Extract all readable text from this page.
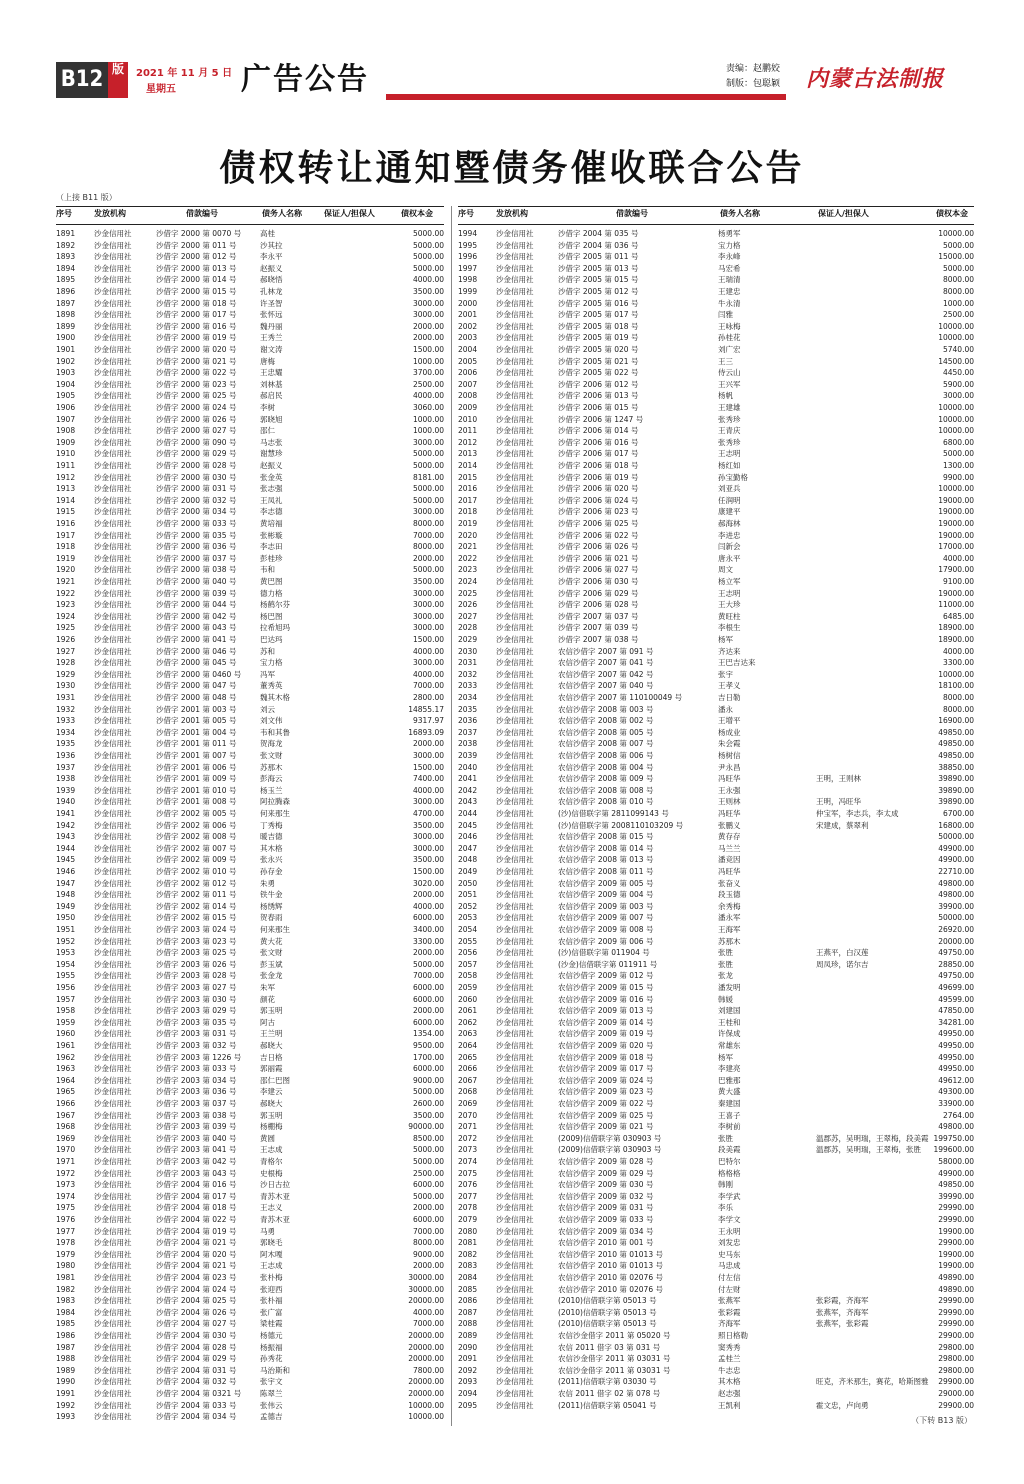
B12 版	2021 年 11 月 5 日
星期五	广告公告	责编：赵鹏姣
制版：包聪颖 内蒙古法制报
债权转让通知暨债务催收联合公告
（上接 B11 版）
（下转 B13 版）
序号	发放机构	借款编号	债务人名称	保证人/担保人	债权本金
1891	沙金信用社	沙借字 2000 第 0070 号	高桂	5000.00
1892	沙金信用社	沙借字 2000 第 011 号	沙其拉	5000.00
1893	沙金信用社	沙借字 2000 第 012 号	李永平	5000.00
1894	沙金信用社	沙借字 2000 第 013 号	赵振义	5000.00
1895	沙金信用社	沙借字 2000 第 014 号	郝晓悟	4000.00
1896	沙金信用社	沙借字 2000 第 015 号	孔林龙	3500.00
1897	沙金信用社	沙借字 2000 第 018 号	许圣智	3000.00
1898	沙金信用社	沙借字 2000 第 017 号	张怀远	3000.00
1899	沙金信用社	沙借字 2000 第 016 号	魏丹丽	2000.00
1900	沙金信用社	沙借字 2000 第 019 号	王秀兰	2000.00
1901	沙金信用社	沙借字 2000 第 020 号	谢文涛	1500.00
1902	沙金信用社	沙借字 2000 第 021 号	唐梅	1000.00
1903	沙金信用社	沙借字 2000 第 022 号	王忠耀	3700.00
1904	沙金信用社	沙借字 2000 第 023 号	刘林基	2500.00
1905	沙金信用社	沙借字 2000 第 025 号	郝启民	4000.00
1906	沙金信用社	沙借字 2000 第 024 号	李树	3060.00
1907	沙金信用社	沙借字 2000 第 026 号	郭晓旭	1000.00
1908	沙金信用社	沙借字 2000 第 027 号	邵仁	1000.00
1909	沙金信用社	沙借字 2000 第 090 号	马志张	3000.00
1910	沙金信用社	沙借字 2000 第 029 号	谢慧珍	5000.00
1911	沙金信用社	沙借字 2000 第 028 号	赵振义	5000.00
1912	沙金信用社	沙借字 2000 第 030 号	张金英	8181.00
1913	沙金信用社	沙借字 2000 第 031 号	张志强	5000.00
1914	沙金信用社	沙借字 2000 第 032 号	王凤礼	5000.00
1915	沙金信用社	沙借字 2000 第 034 号	李志德	3000.00
1916	沙金信用社	沙借字 2000 第 033 号	黄培福	8000.00
1917	沙金信用社	沙借字 2000 第 035 号	张彬璇	7000.00
1918	沙金信用社	沙借字 2000 第 036 号	李志田	8000.00
1919	沙金信用社	沙借字 2000 第 037 号	彭桂珍	2000.00
1920	沙金信用社	沙借字 2000 第 038 号	韦和	5000.00
1921	沙金信用社	沙借字 2000 第 040 号	黄巴图	3500.00
1922	沙金信用社	沙借字 2000 第 039 号	德力格	3000.00
1923	沙金信用社	沙借字 2000 第 044 号	杨鹤尔芬	3000.00
1924	沙金信用社	沙借字 2000 第 042 号	杨巴图	3000.00
1925	沙金信用社	沙借字 2000 第 043 号	拉希旭玛	3000.00
1926	沙金信用社	沙借字 2000 第 041 号	巴达玛	1500.00
1927	沙金信用社	沙借字 2000 第 046 号	苏和	4000.00
1928	沙金信用社	沙借字 2000 第 045 号	宝力格	3000.00
1929	沙金信用社	沙借字 2000 第 0460 号	冯军	4000.00
1930	沙金信用社	沙借字 2000 第 047 号	董秀英	7000.00
1931	沙金信用社	沙借字 2000 第 048 号	魏其木格	2800.00
1932	沙金信用社	沙借字 2001 第 003 号	刘云	14855.17
1933	沙金信用社	沙借字 2001 第 005 号	刘文伟	9317.97
1934	沙金信用社	沙借字 2001 第 004 号	韦和其鲁	16893.09
1935	沙金信用社	沙借字 2001 第 011 号	贺海龙	2000.00
1936	沙金信用社	沙借字 2001 第 007 号	张文财	3000.00
1937	沙金信用社	沙借字 2001 第 006 号	苏那木	1500.00
1938	沙金信用社	沙借字 2001 第 009 号	彭海云	7400.00
1939	沙金信用社	沙借字 2001 第 010 号	杨玉兰	4000.00
1940	沙金信用社	沙借字 2001 第 008 号	阿拉腾森	3000.00
1941	沙金信用社	沙借字 2002 第 005 号	何来那生	4700.00
1942	沙金信用社	沙借字 2002 第 006 号	丁秀梅	3500.00
1943	沙金信用社	沙借字 2002 第 008 号	暖吉德	3000.00
1944	沙金信用社	沙借字 2002 第 007 号	其木格	3000.00
1945	沙金信用社	沙借字 2002 第 009 号	张永兴	3500.00
1946	沙金信用社	沙借字 2002 第 010 号	孙存金	1500.00
1947	沙金信用社	沙借字 2002 第 012 号	朱勇	3020.00
1948	沙金信用社	沙借字 2002 第 011 号	铁牛金	2000.00
1949	沙金信用社	沙借字 2002 第 014 号	杨绣辉	4000.00
1950	沙金信用社	沙借字 2002 第 015 号	贺春雨	6000.00
1951	沙金信用社	沙借字 2003 第 024 号	何来那生	3400.00
1952	沙金信用社	沙借字 2003 第 023 号	黄大花	3300.00
1953	沙金信用社	沙借字 2003 第 025 号	张文财	2000.00
1954	沙金信用社	沙借字 2003 第 026 号	彭玉斌	5000.00
1955	沙金信用社	沙借字 2003 第 028 号	张金龙	7000.00
1956	沙金信用社	沙借字 2003 第 027 号	朱军	6000.00
1957	沙金信用社	沙借字 2003 第 030 号	颜花	6000.00
1958	沙金信用社	沙借字 2003 第 029 号	郭玉明	2000.00
1959	沙金信用社	沙借字 2003 第 035 号	阿古	6000.00
1960	沙金信用社	沙借字 2003 第 031 号	王兰明	1354.00
1961	沙金信用社	沙借字 2003 第 032 号	郝晓大	9500.00
1962	沙金信用社	沙借字 2003 第 1226 号	吉日格	1700.00
1963	沙金信用社	沙借字 2003 第 033 号	郭丽霞	6000.00
1964	沙金信用社	沙借字 2003 第 034 号	邵仁巴图	9000.00
1965	沙金信用社	沙借字 2003 第 036 号	李建云	5000.00
1966	沙金信用社	沙借字 2003 第 037 号	郝晓大	2600.00
1967	沙金信用社	沙借字 2003 第 038 号	郭玉明	3500.00
1968	沙金信用社	沙借字 2003 第 039 号	杨棚梅	90000.00
1969	沙金信用社	沙借字 2003 第 040 号	黄圆	8500.00
1970	沙金信用社	沙借字 2003 第 041 号	王志成	5000.00
1971	沙金信用社	沙借字 2003 第 042 号	青格尔	5000.00
1972	沙金信用社	沙借字 2003 第 043 号	史根梅	2500.00
1973	沙金信用社	沙借字 2004 第 016 号	沙日古拉	6000.00
1974	沙金信用社	沙借字 2004 第 017 号	青苏木亚	5000.00
1975	沙金信用社	沙借字 2004 第 018 号	王志义	2000.00
1976	沙金信用社	沙借字 2004 第 022 号	青苏木亚	6000.00
1977	沙金信用社	沙借字 2004 第 019 号	马勇	7000.00
1978	沙金信用社	沙借字 2004 第 021 号	郭晓毛	8000.00
1979	沙金信用社	沙借字 2004 第 020 号	阿木嘎	9000.00
1980	沙金信用社	沙借字 2004 第 021 号	王志成	2000.00
1981	沙金信用社	沙借字 2004 第 023 号	张朴梅	30000.00
1982	沙金信用社	沙借字 2004 第 024 号	张迎西	30000.00
1983	沙金信用社	沙借字 2004 第 025 号	张朴福	20000.00
1984	沙金信用社	沙借字 2004 第 026 号	张广富	4000.00
1985	沙金信用社	沙借字 2004 第 027 号	梁桂霞	7000.00
1986	沙金信用社	沙借字 2004 第 030 号	杨德元	20000.00
1987	沙金信用社	沙借字 2004 第 028 号	杨振福	20000.00
1988	沙金信用社	沙借字 2004 第 029 号	孙秀花	20000.00
1989	沙金信用社	沙借字 2004 第 031 号	马治斯和	7800.00
1990	沙金信用社	沙借字 2004 第 032 号	张宇文	20000.00
1991	沙金信用社	沙借字 2004 第 0321 号	陈翠兰	20000.00
1992	沙金信用社	沙借字 2004 第 033 号	张伟云	10000.00
1993	沙金信用社	沙借字 2004 第 034 号	孟德吉	10000.00
序号	发放机构	借款编号	债务人名称	保证人/担保人	债权本金
1994	沙金信用社	沙借字 2004 第 035 号	杨勇军	10000.00
1995	沙金信用社	沙借字 2004 第 036 号	宝力格	5000.00
1996	沙金信用社	沙借字 2005 第 011 号	李永峰	15000.00
1997	沙金信用社	沙借字 2005 第 013 号	马宏希	5000.00
1998	沙金信用社	沙借字 2005 第 015 号	王瑞清	8000.00
1999	沙金信用社	沙借字 2005 第 012 号	王建忠	8000.00
2000	沙金信用社	沙借字 2005 第 016 号	牛永清	1000.00
2001	沙金信用社	沙借字 2005 第 017 号	闫雅	2500.00
2002	沙金信用社	沙借字 2005 第 018 号	王咏梅	10000.00
2003	沙金信用社	沙借字 2005 第 019 号	孙桂花	10000.00
2004	沙金信用社	沙借字 2005 第 020 号	刘广宏	5740.00
2005	沙金信用社	沙借字 2005 第 021 号	王三	14500.00
2006	沙金信用社	沙借字 2005 第 022 号	侍云山	4450.00
2007	沙金信用社	沙借字 2006 第 012 号	王兴军	5900.00
2008	沙金信用社	沙借字 2006 第 013 号	杨帆	3000.00
2009	沙金信用社	沙借字 2006 第 015 号	王建雄	10000.00
2010	沙金信用社	沙借字 2006 第 1247 号	张秀珍	10000.00
2011	沙金信用社	沙借字 2006 第 014 号	王青庆	10000.00
2012	沙金信用社	沙借字 2006 第 016 号	张秀珍	6800.00
2013	沙金信用社	沙借字 2006 第 017 号	王志明	5000.00
2014	沙金信用社	沙借字 2006 第 018 号	杨红如	1300.00
2015	沙金信用社	沙借字 2006 第 019 号	孙宝勤格	9900.00
2016	沙金信用社	沙借字 2006 第 020 号	刘亚兵	10000.00
2017	沙金信用社	沙借字 2006 第 024 号	任润明	19000.00
2018	沙金信用社	沙借字 2006 第 023 号	康建平	19000.00
2019	沙金信用社	沙借字 2006 第 025 号	郝海林	19000.00
2020	沙金信用社	沙借字 2006 第 022 号	李进忠	19000.00
2021	沙金信用社	沙借字 2006 第 026 号	闫新会	17000.00
2022	沙金信用社	沙借字 2006 第 021 号	唐永平	4000.00
2023	沙金信用社	沙借字 2006 第 027 号	周文	17900.00
2024	沙金信用社	沙借字 2006 第 030 号	杨立军	9100.00
2025	沙金信用社	沙借字 2006 第 029 号	王志明	19000.00
2026	沙金信用社	沙借字 2006 第 028 号	王大珍	11000.00
2027	沙金信用社	沙借字 2007 第 037 号	黄旺柱	6485.00
2028	沙金信用社	沙借字 2007 第 039 号	李根生	18900.00
2029	沙金信用社	沙借字 2007 第 038 号	杨军	18900.00
2030	沙金信用社	农信沙借字 2007 第 091 号	齐达来	4000.00
2031	沙金信用社	农信沙借字 2007 第 041 号	王巴吉达来	3300.00
2032	沙金信用社	农信沙借字 2007 第 042 号	张宇	10000.00
2033	沙金信用社	农信沙借字 2007 第 040 号	王孝义	18100.00
2034	沙金信用社	农信沙借字 2007 第 110100049 号	吉日勒	8000.00
2035	沙金信用社	农信沙借字 2008 第 003 号	潘永	8000.00
2036	沙金信用社	农信沙借字 2008 第 002 号	王增平	16900.00
2037	沙金信用社	农信沙借字 2008 第 005 号	杨成业	49850.00
2038	沙金信用社	农信沙借字 2008 第 007 号	朱会霞	49850.00
2039	沙金信用社	农信沙借字 2008 第 006 号	杨树信	49850.00
2040	沙金信用社	农信沙借字 2008 第 004 号	尹永昌	38850.00
2041	沙金信用社	农信沙借字 2008 第 009 号	冯旺华	王明，王则林	39890.00
2042	沙金信用社	农信沙借字 2008 第 008 号	王永强	39890.00
2043	沙金信用社	农信沙借字 2008 第 010 号	王则林	王明，冯旺华	39890.00
2044	沙金信用社	(沙)信借联字第 2811099143 号	冯旺华	仲宝军，李志兵，李太成	6700.00
2045	沙金信用社	(沙)信借联字第 2008110103209 号	张鹏义	宋建成，蔡翠利	16800.00
2046	沙金信用社	农信沙借字 2008 第 015 号	黄存存	50000.00
2047	沙金信用社	农信沙借字 2008 第 014 号	马兰兰	49900.00
2048	沙金信用社	农信沙借字 2008 第 013 号	潘竞因	49900.00
2049	沙金信用社	农信沙借字 2008 第 011 号	冯旺华	22710.00
2050	沙金信用社	农信沙借字 2009 第 005 号	张奋义	49800.00
2051	沙金信用社	农信沙借字 2009 第 004 号	段玉德	49800.00
2052	沙金信用社	农信沙借字 2009 第 003 号	余秀梅	39900.00
2053	沙金信用社	农信沙借字 2009 第 007 号	潘永军	50000.00
2054	沙金信用社	农信沙借字 2009 第 008 号	王海军	26920.00
2055	沙金信用社	农信沙借字 2009 第 006 号	苏那木	20000.00
2056	沙金信用社	(沙)信借联字第 011904 号	张胜	王燕平，白汉莲	49750.00
2057	沙金信用社	(沙金)信借联字第 011911 号	张胜	周凤珍，诺尔吉	28850.00
2058	沙金信用社	农信沙借字 2009 第 012 号	张龙	49750.00
2059	沙金信用社	农信沙借字 2009 第 015 号	潘发明	49699.00
2060	沙金信用社	农信沙借字 2009 第 016 号	韩媛	49599.00
2061	沙金信用社	农信沙借字 2009 第 013 号	刘建国	47850.00
2062	沙金信用社	农信沙借字 2009 第 014 号	王桂和	34281.00
2063	沙金信用社	农信沙借字 2009 第 019 号	许保成	49950.00
2064	沙金信用社	农信沙借字 2009 第 020 号	常雄东	49950.00
2065	沙金信用社	农信沙借字 2009 第 018 号	杨军	49950.00
2066	沙金信用社	农信沙借字 2009 第 017 号	李建亮	49950.00
2067	沙金信用社	农信沙借字 2009 第 024 号	巴雅那	49612.00
2068	沙金信用社	农信沙借字 2009 第 023 号	黄大盛	49300.00
2069	沙金信用社	农信沙借字 2009 第 022 号	秦建国	33900.00
2070	沙金信用社	农信沙借字 2009 第 025 号	王喜子	2764.00
2071	沙金信用社	农信沙借字 2009 第 021 号	李树前	49800.00
2072	沙金信用社	(2009)信借联字第 030903 号	张胜	温郡苏，吴明瑞，王翠梅，段美霞 199750.00
2073	沙金信用社	(2009)信借联字第 030903 号	段美霞	温郡苏，吴明瑞，王翠梅，张胜 199600.00
2074	沙金信用社	农信沙借字 2009 第 028 号	巴特尔	58000.00
2075	沙金信用社	农信沙借字 2009 第 029 号	格格格	49900.00
2076	沙金信用社	农信沙借字 2009 第 030 号	韩刚	49850.00
2077	沙金信用社	农信沙借字 2009 第 032 号	李学武	39990.00
2078	沙金信用社	农信沙借字 2009 第 031 号	李乐	29990.00
2079	沙金信用社	农信沙借字 2009 第 033 号	李学文	29990.00
2080	沙金信用社	农信沙借字 2009 第 034 号	王永明	19900.00
2081	沙金信用社	农信沙借字 2010 第 001 号	刘发忠	29900.00
2082	沙金信用社	农信沙借字 2010 第 01013 号	史马东	19900.00
2083	沙金信用社	农信沙借字 2010 第 01013 号	马忠成	19900.00
2084	沙金信用社	农信沙借字 2010 第 02076 号	付左信	49890.00
2085	沙金信用社	农信沙借字 2010 第 02076 号	付左财	49890.00
2086	沙金信用社	(2010)信借联字第 05013 号	张燕军	张彩霞，齐海军	29990.00
2087	沙金信用社	(2010)信借联字第 05013 号	张彩霞	张燕军，齐海军	29990.00
2088	沙金信用社	(2010)信借联字第 05013 号	齐海军	张燕军，张彩霞	29990.00
2089	沙金信用社	农信沙金借字 2011 第 05020 号	照日格勒	29900.00
2090	沙金信用社	农信 2011 借字 03 第 031 号	窦秀秀	29800.00
2091	沙金信用社	农信沙金借字 2011 第 03031 号	孟桂兰	29800.00
2092	沙金信用社	农信沙金借字 2011 第 03031 号	牛志忠	29800.00
2093	沙金信用社	(2011)信借联字第 03030 号	其木格	旺克，齐米那生，赛花，哈斯图雅 29900.00
2094	沙金信用社	农信 2011 借字 02 第 078 号	赵志强	29000.00
2095	沙金信用社	(2011)信借联字第 05041 号	王凯利	霍文忠，卢向勇	29900.00
